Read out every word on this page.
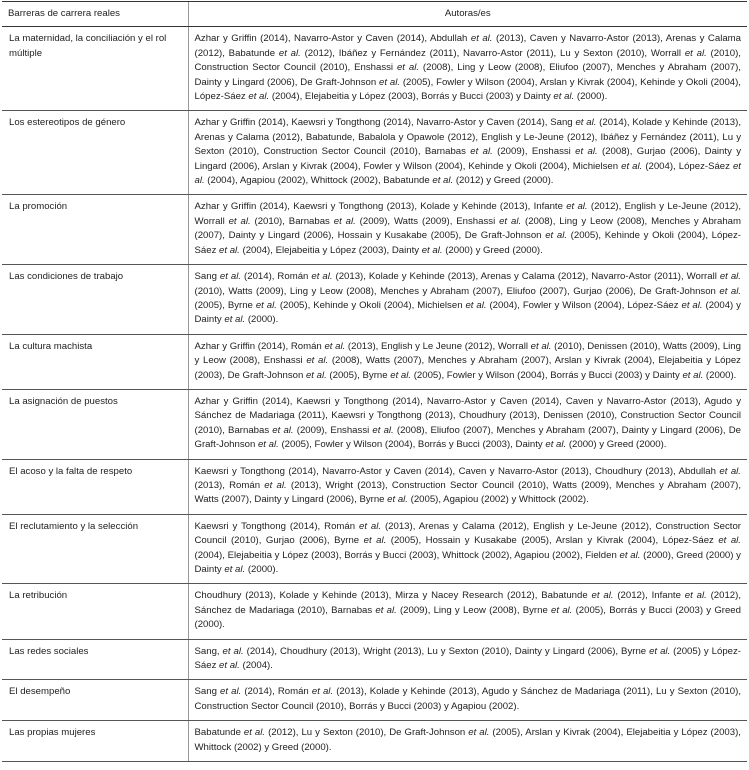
Barreras de carrera reales	Autoras/es
La maternidad, la conciliación y el rol múltiple	Azhar y Griffin (2014), Navarro-Astor y Caven (2014), Abdullah et al. (2013), Caven y Navarro-Astor (2013), Arenas y Calama (2012), Babatunde et al. (2012), Ibáñez y Fernández (2011), Navarro-Astor (2011), Lu y Sexton (2010), Worrall et al. (2010), Construction Sector Council (2010), Enshassi et al. (2008), Ling y Leow (2008), Eliufoo (2007), Menches y Abraham (2007), Dainty y Lingard (2006), De Graft-Johnson et al. (2005), Fowler y Wilson (2004), Arslan y Kivrak (2004), Kehinde y Okoli (2004), López-Sáez et al. (2004), Elejabeitia y López (2003), Borrás y Bucci (2003) y Dainty et al. (2000).
Los estereotipos de género	Azhar y Griffin (2014), Kaewsri y Tongthong (2014), Navarro-Astor y Caven (2014), Sang et al. (2014), Kolade y Kehinde (2013), Arenas y Calama (2012), Babatunde, Babalola y Opawole (2012), English y Le-Jeune (2012), Ibáñez y Fernández (2011), Lu y Sexton (2010), Construction Sector Council (2010), Barnabas et al. (2009), Enshassi et al. (2008), Gurjao (2006), Dainty y Lingard (2006), Arslan y Kivrak (2004), Fowler y Wilson (2004), Kehinde y Okoli (2004), Michielsen et al. (2004), López-Sáez et al. (2004), Agapiou (2002), Whittock (2002), Babatunde et al. (2012) y Greed (2000).
La promoción	Azhar y Griffin (2014), Kaewsri y Tongthong (2013), Kolade y Kehinde (2013), Infante et al. (2012), English y Le-Jeune (2012), Worrall et al. (2010), Barnabas et al. (2009), Watts (2009), Enshassi et al. (2008), Ling y Leow (2008), Menches y Abraham (2007), Dainty y Lingard (2006), Hossain y Kusakabe (2005), De Graft-Johnson et al. (2005), Kehinde y Okoli (2004), López-Sáez et al. (2004), Elejabeitia y López (2003), Dainty et al. (2000) y Greed (2000).
Las condiciones de trabajo	Sang et al. (2014), Román et al. (2013), Kolade y Kehinde (2013), Arenas y Calama (2012), Navarro-Astor (2011), Worrall et al. (2010), Watts (2009), Ling y Leow (2008), Menches y Abraham (2007), Eliufoo (2007), Gurjao (2006), De Graft-Johnson et al. (2005), Byrne et al. (2005), Kehinde y Okoli (2004), Michielsen et al. (2004), Fowler y Wilson (2004), López-Sáez et al. (2004) y Dainty et al. (2000).
La cultura machista	Azhar y Griffin (2014), Román et al. (2013), English y Le Jeune (2012), Worrall et al. (2010), Denissen (2010), Watts (2009), Ling y Leow (2008), Enshassi et al. (2008), Watts (2007), Menches y Abraham (2007), Arslan y Kivrak (2004), Elejabeitia y López (2003), De Graft-Johnson et al. (2005), Byrne et al. (2005), Fowler y Wilson (2004), Borrás y Bucci (2003) y Dainty et al. (2000).
La asignación de puestos	Azhar y Griffin (2014), Kaewsri y Tongthong (2014), Navarro-Astor y Caven (2014), Caven y Navarro-Astor (2013), Agudo y Sánchez de Madariaga (2011), Kaewsri y Tongthong (2013), Choudhury (2013), Denissen (2010), Construction Sector Council (2010), Barnabas et al. (2009), Enshassi et al. (2008), Eliufoo (2007), Menches y Abraham (2007), Dainty y Lingard (2006), De Graft-Johnson et al. (2005), Fowler y Wilson (2004), Borrás y Bucci (2003), Dainty et al. (2000) y Greed (2000).
El acoso y la falta de respeto	Kaewsri y Tongthong (2014), Navarro-Astor y Caven (2014), Caven y Navarro-Astor (2013), Choudhury (2013), Abdullah et al. (2013), Román et al. (2013), Wright (2013), Construction Sector Council (2010), Watts (2009), Menches y Abraham (2007), Watts (2007), Dainty y Lingard (2006), Byrne et al. (2005), Agapiou (2002) y Whittock (2002).
El reclutamiento y la selección	Kaewsri y Tongthong (2014), Román et al. (2013), Arenas y Calama (2012), English y Le-Jeune (2012), Construction Sector Council (2010), Gurjao (2006), Byrne et al. (2005), Hossain y Kusakabe (2005), Arslan y Kivrak (2004), López-Sáez et al. (2004), Elejabeitia y López (2003), Borrás y Bucci (2003), Whittock (2002), Agapiou (2002), Fielden et al. (2000), Greed (2000) y Dainty et al. (2000).
La retribución	Choudhury (2013), Kolade y Kehinde (2013), Mirza y Nacey Research (2012), Babatunde et al. (2012), Infante et al. (2012), Sánchez de Madariaga (2010), Barnabas et al. (2009), Ling y Leow (2008), Byrne et al. (2005), Borrás y Bucci (2003) y Greed (2000).
Las redes sociales	Sang, et al. (2014), Choudhury (2013), Wright (2013), Lu y Sexton (2010), Dainty y Lingard (2006), Byrne et al. (2005) y López-Sáez et al. (2004).
El desempeño	Sang et al. (2014), Román et al. (2013), Kolade y Kehinde (2013), Agudo y Sánchez de Madariaga (2011), Lu y Sexton (2010), Construction Sector Council (2010), Borrás y Bucci (2003) y Agapiou (2002).
Las propias mujeres	Babatunde et al. (2012), Lu y Sexton (2010), De Graft-Johnson et al. (2005), Arslan y Kivrak (2004), Elejabeitia y López (2003), Whittock (2002) y Greed (2000).
